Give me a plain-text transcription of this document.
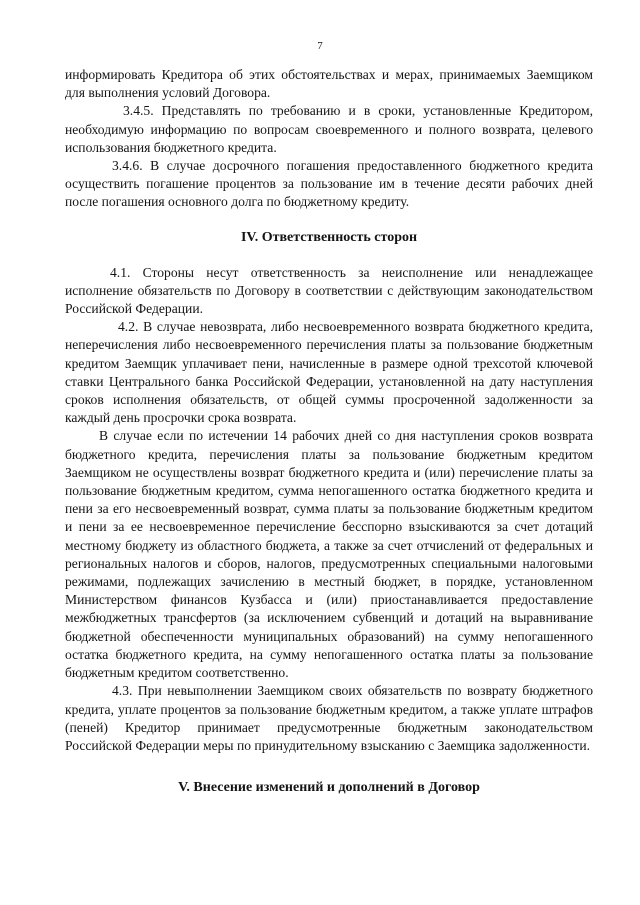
7

информировать Кредитора об этих обстоятельствах и мерах, принимаемых Заемщиком для выполнения условий Договора.

3.4.5. Представлять по требованию и в сроки, установленные Кредитором, необходимую информацию по вопросам своевременного и полного возврата, целевого использования бюджетного кредита.

3.4.6. В случае досрочного погашения предоставленного бюджетного кредита осуществить погашение процентов за пользование им в течение десяти рабочих дней после погашения основного долга по бюджетному кредиту.

IV. Ответственность сторон

4.1. Стороны несут ответственность за неисполнение или ненадлежащее исполнение обязательств по Договору в соответствии с действующим законодательством Российской Федерации.

4.2. В случае невозврата, либо несвоевременного возврата бюджетного кредита, неперечисления либо несвоевременного перечисления платы за пользование бюджетным кредитом Заемщик уплачивает пени, начисленные в размере одной трехсотой ключевой ставки Центрального банка Российской Федерации, установленной на дату наступления сроков исполнения обязательств, от общей суммы просроченной задолженности за каждый день просрочки срока возврата.

В случае если по истечении 14 рабочих дней со дня наступления сроков возврата бюджетного кредита, перечисления платы за пользование бюджетным кредитом Заемщиком не осуществлены возврат бюджетного кредита и (или) перечисление платы за пользование бюджетным кредитом, сумма непогашенного остатка бюджетного кредита и пени за его несвоевременный возврат, сумма платы за пользование бюджетным кредитом и пени за ее несвоевременное перечисление бесспорно взыскиваются за счет дотаций местному бюджету из областного бюджета, а также за счет отчислений от федеральных и региональных налогов и сборов, налогов, предусмотренных специальными налоговыми режимами, подлежащих зачислению в местный бюджет, в порядке, установленном Министерством финансов Кузбасса и (или) приостанавливается предоставление межбюджетных трансфертов (за исключением субвенций и дотаций на выравнивание бюджетной обеспеченности муниципальных образований) на сумму непогашенного остатка бюджетного кредита, на сумму непогашенного остатка платы за пользование бюджетным кредитом соответственно.

4.3. При невыполнении Заемщиком своих обязательств по возврату бюджетного кредита, уплате процентов за пользование бюджетным кредитом, а также уплате штрафов (пеней) Кредитор принимает предусмотренные бюджетным законодательством Российской Федерации меры по принудительному взысканию с Заемщика задолженности.

V. Внесение изменений и дополнений в Договор
